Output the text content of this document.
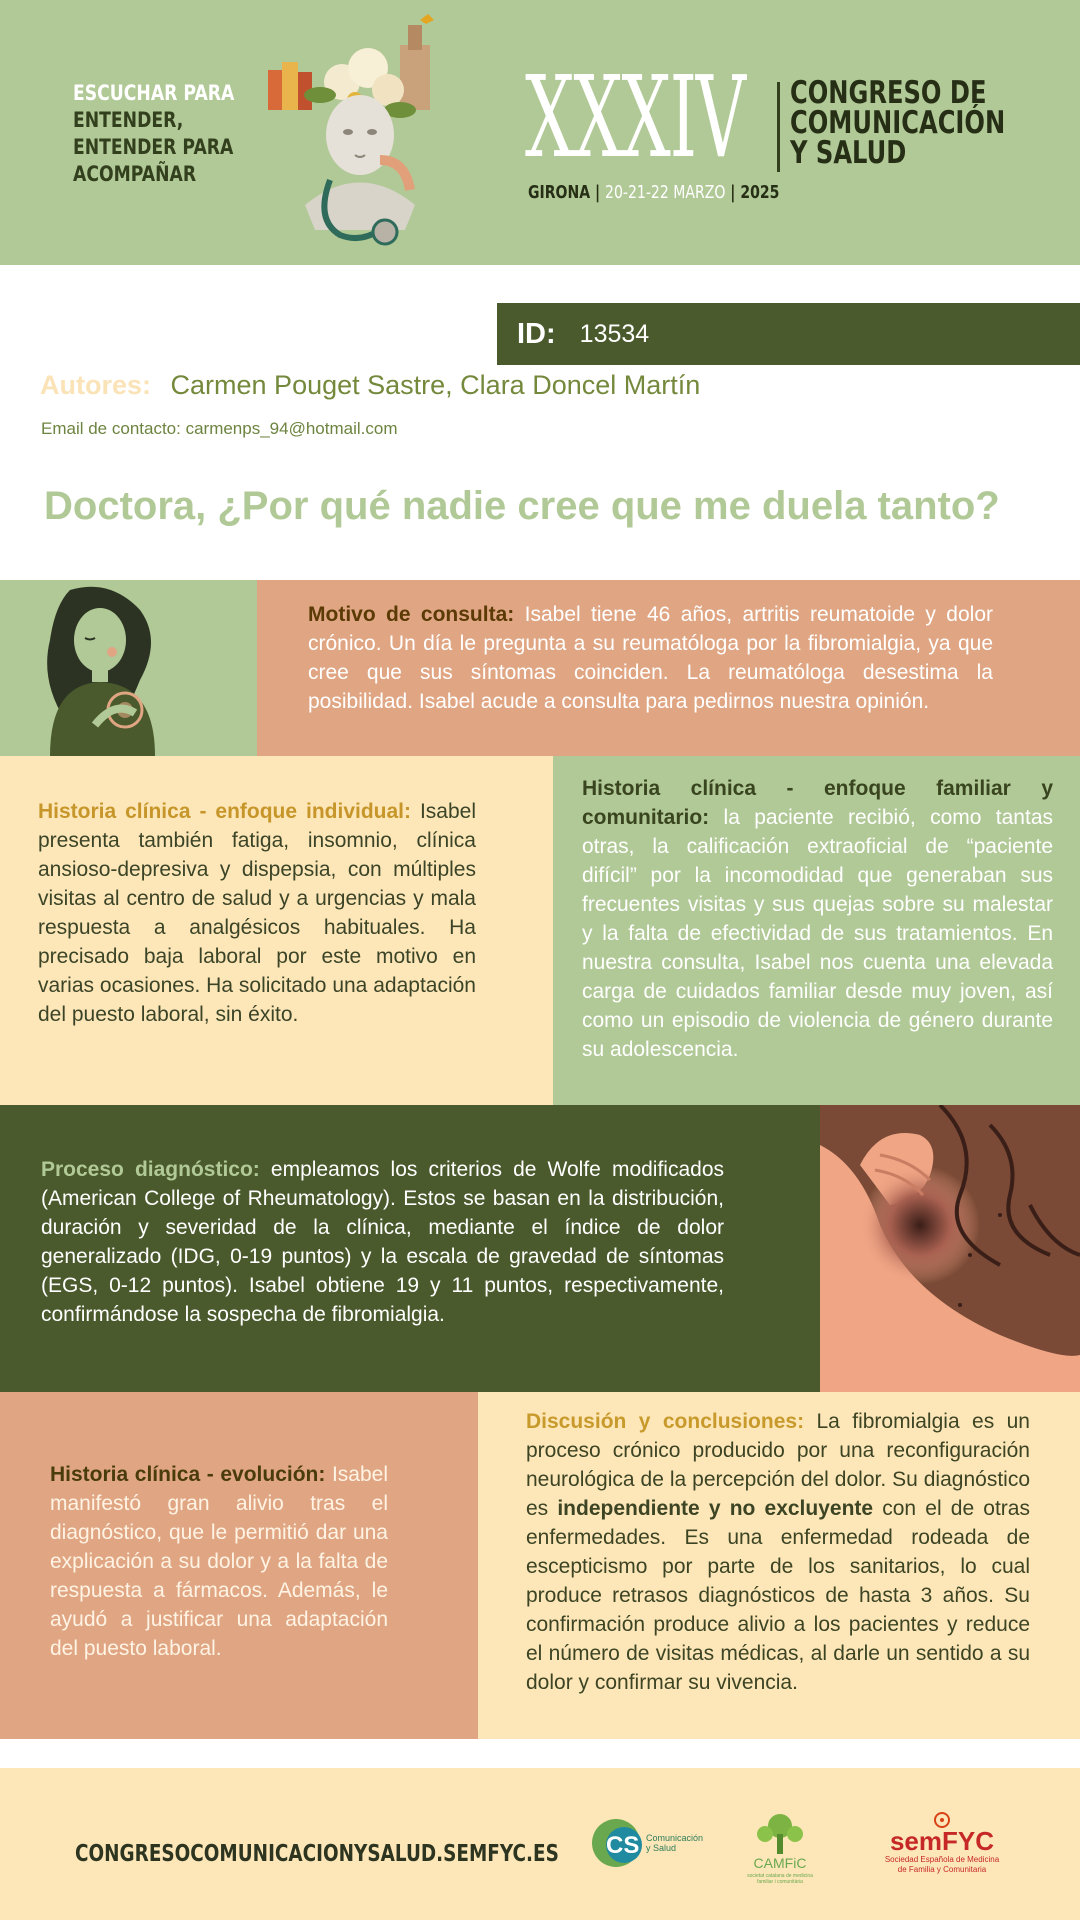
ESCUCHAR PARA
ENTENDER,
ENTENDER PARA
ACOMPAÑAR	XXXIV CONGRESO DE
COMUNICACIÓN
Y SALUD
GIRONA | 20-21-22 MARZO | 2025
ID: 13534
Autores: Carmen Pouget Sastre, Clara Doncel Martín
Email de contacto: carmenps_94@hotmail.com
Doctora, ¿Por qué nadie cree que me duela tanto?
Motivo de consulta: Isabel tiene 46 años, artritis reumatoide y dolor crónico. Un día le pregunta a su reumatóloga por la fibromialgia, ya que cree que sus síntomas coinciden. La reumatóloga desestima la posibilidad. Isabel acude a consulta para pedirnos nuestra opinión.
Historia clínica - enfoque individual: Isabel presenta también fatiga, insomnio, clínica ansioso-depresiva y dispepsia, con múltiples visitas al centro de salud y a urgencias y mala respuesta a analgésicos habituales. Ha precisado baja laboral por este motivo en varias ocasiones. Ha solicitado una adaptación del puesto laboral, sin éxito.
Historia clínica - enfoque familiar y comunitario: la paciente recibió, como tantas otras, la calificación extraoficial de “paciente difícil” por la incomodidad que generaban sus frecuentes visitas y sus quejas sobre su malestar y la falta de efectividad de sus tratamientos. En nuestra consulta, Isabel nos cuenta una elevada carga de cuidados familiar desde muy joven, así como un episodio de violencia de género durante su adolescencia.
Proceso diagnóstico: empleamos los criterios de Wolfe modificados (American College of Rheumatology). Estos se basan en la distribución, duración y severidad de la clínica, mediante el índice de dolor generalizado (IDG, 0-19 puntos) y la escala de gravedad de síntomas (EGS, 0-12 puntos). Isabel obtiene 19 y 11 puntos, respectivamente, confirmándose la sospecha de fibromialgia.
Historia clínica - evolución: Isabel manifestó gran alivio tras el diagnóstico, que le permitió dar una explicación a su dolor y a la falta de respuesta a fármacos. Además, le ayudó a justificar una adaptación del puesto laboral.
Discusión y conclusiones: La fibromialgia es un proceso crónico producido por una reconfiguración neurológica de la percepción del dolor. Su diagnóstico es independiente y no excluyente con el de otras enfermedades. Es una enfermedad rodeada de escepticismo por parte de los sanitarios, lo cual produce retrasos diagnósticos de hasta 3 años. Su confirmación produce alivio a los pacientes y reduce el número de visitas médicas, al darle un sentido a su dolor y confirmar su vivencia.
CONGRESOCOMUNICACIONYSALUD.SEMFYC.ES CS Comunicación
y Salud
CAMFiC
societat catalana de medicina
familiar i comunitària
semFYC
Sociedad Española de Medicina
de Familia y Comunitaria
